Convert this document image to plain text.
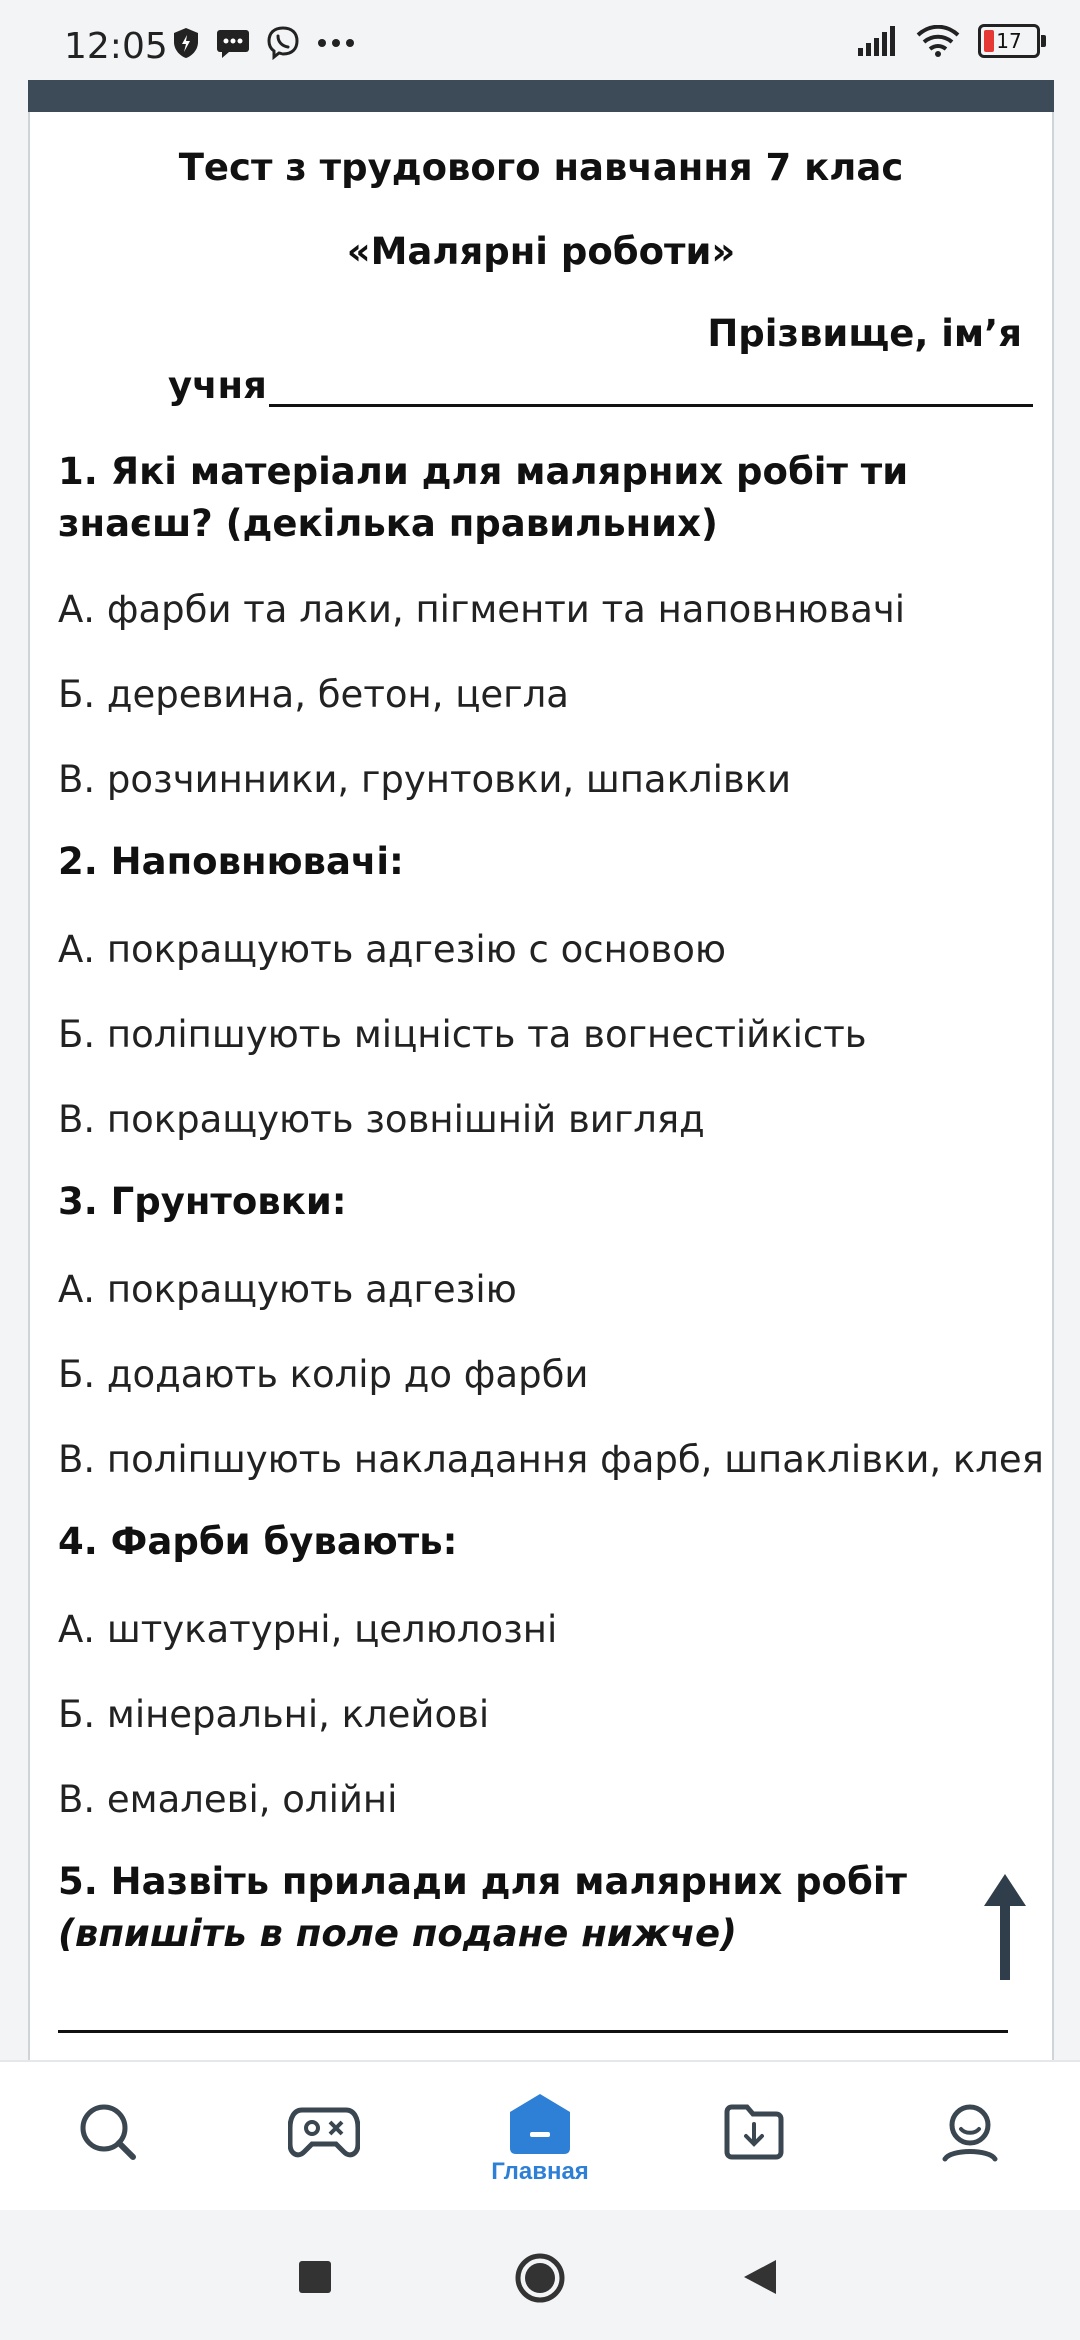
12:05	17
Тест з трудового навчання 7 клас
«Малярні роботи»
Прізвище, ім’я
учня
1. Які матеріали для малярних робіт ти знаєш? (декілька правильних)
А. фарби та лаки, пігменти та наповнювачі
Б. деревина, бетон, цегла
В. розчинники, грунтовки, шпаклівки
2. Наповнювачі:
А. покращують адгезію с основою
Б. поліпшують міцність та вогнестійкість
В. покращують зовнішній вигляд
3. Грунтовки:
А. покращують адгезію
Б. додають колір до фарби
В. поліпшують накладання фарб, шпаклівки, клея
4. Фарби бувають:
А. штукатурні, целюлозні
Б. мінеральні, клейові
В. емалеві, олійні
5. Назвіть прилади для малярних робіт
(впишіть в поле подане нижче)
Главная
